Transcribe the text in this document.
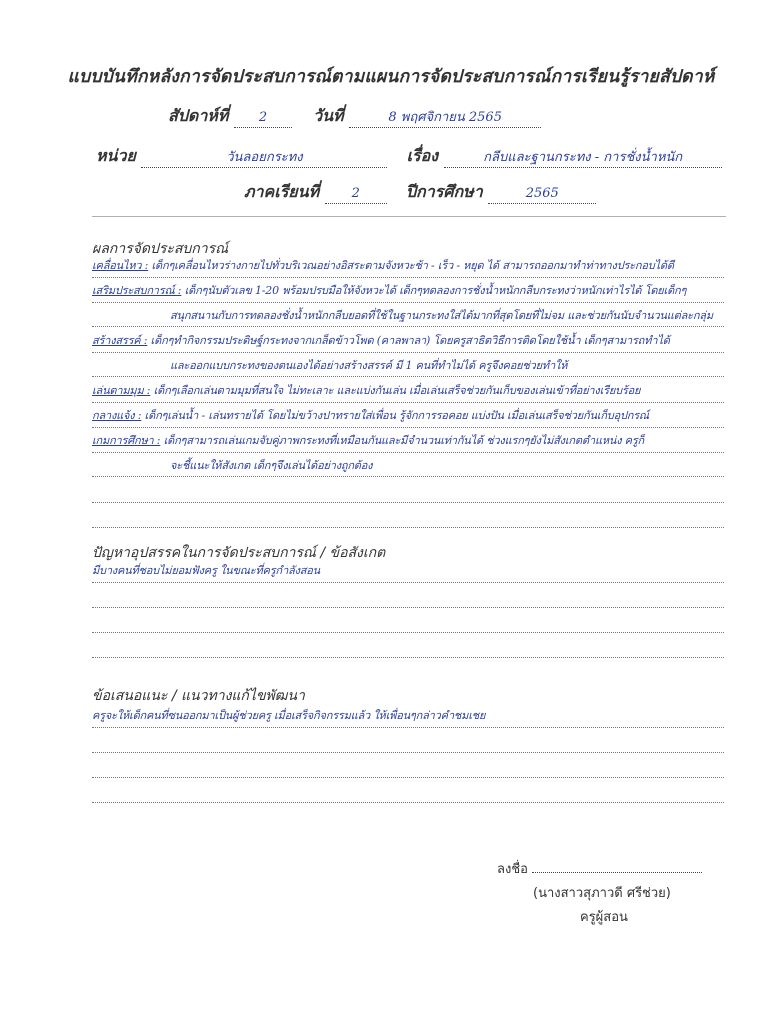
แบบบันทึกหลังการจัดประสบการณ์ตามแผนการจัดประสบการณ์การเรียนรู้รายสัปดาห์
สัปดาห์ที่ 2	วันที่	8 พฤศจิกายน 2565
หน่วย	วันลอยกระทง	เรื่อง	กลีบและฐานกระทง - การชั่งน้ำหนัก
ภาคเรียนที่ 2	ปีการศึกษา	2565
ผลการจัดประสบการณ์
เคลื่อนไหว : เด็กๆเคลื่อนไหวร่างกายไปทั่วบริเวณอย่างอิสระตามจังหวะช้า - เร็ว - หยุด ได้ สามารถออกมาทำท่าทางประกอบได้ดี
เสริมประสบการณ์ : เด็กๆนับตัวเลข 1-20 พร้อมปรบมือให้จังหวะได้ เด็กๆทดลองการชั่งน้ำหนักกลีบกระทงว่าหนักเท่าไรได้ โดยเด็กๆ
สนุกสนานกับการทดลองชั่งน้ำหนักกลีบยอดที่ใช้ในฐานกระทงใส่ได้มากที่สุดโดยที่ไม่จม และช่วยกันนับจำนวนแต่ละกลุ่ม
สร้างสรรค์ : เด็กๆทำกิจกรรมประดิษฐ์กระทงจากเกล็ดข้าวโพด (คาลพาลา) โดยครูสาธิตวิธีการติดโดยใช้น้ำ เด็กๆสามารถทำได้
และออกแบบกระทงของตนเองได้อย่างสร้างสรรค์ มี 1 คนที่ทำไม่ได้ ครูจึงคอยช่วยทำให้
เล่นตามมุม : เด็กๆเลือกเล่นตามมุมที่สนใจ ไม่ทะเลาะ และแบ่งกันเล่น เมื่อเล่นเสร็จช่วยกันเก็บของเล่นเข้าที่อย่างเรียบร้อย
กลางแจ้ง : เด็กๆเล่นน้ำ - เล่นทรายได้ โดยไม่ขว้างปาทรายใส่เพื่อน รู้จักการรอคอย แบ่งปัน เมื่อเล่นเสร็จช่วยกันเก็บอุปกรณ์
เกมการศึกษา : เด็กๆสามารถเล่นเกมจับคู่ภาพกระทงที่เหมือนกันและมีจำนวนเท่ากันได้ ช่วงแรกๆยังไม่สังเกตตำแหน่ง ครูก็
จะชี้แนะให้สังเกต เด็กๆจึงเล่นได้อย่างถูกต้อง
ปัญหาอุปสรรคในการจัดประสบการณ์ / ข้อสังเกต
มีบางคนที่ชอบไม่ยอมฟังครู ในขณะที่ครูกำลังสอน
ข้อเสนอแนะ / แนวทางแก้ไขพัฒนา
ครูจะให้เด็กคนที่ซนออกมาเป็นผู้ช่วยครู เมื่อเสร็จกิจกรรมแล้ว ให้เพื่อนๆกล่าวคำชมเชย
ลงชื่อ
(นางสาวสุภาวดี ศรีช่วย)
ครูผู้สอน
